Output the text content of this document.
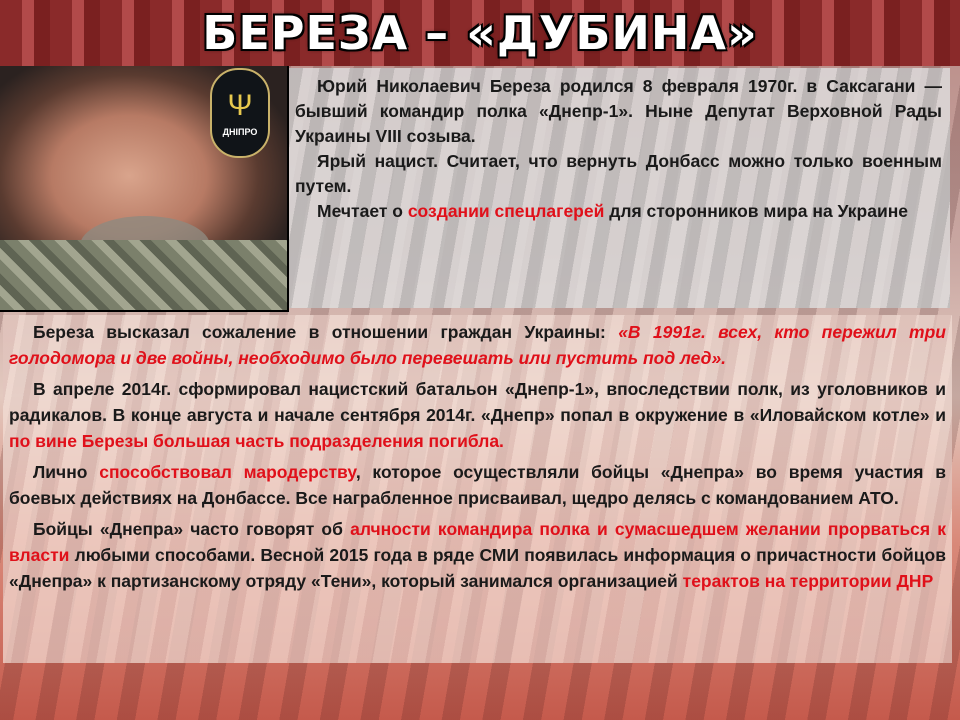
БЕРЕЗА – «ДУБИНА»
Ψ
ДНІПРО

Юрий Николаевич Береза родился 8 февраля 1970г. в Саксагани — бывший командир полка «Днепр-1». Ныне Депутат Верховной Рады Украины VIII созыва.

Ярый нацист. Считает, что вернуть Донбасс можно только военным путем.

Мечтает о создании спецлагерей для сторонников мира на Украине

Береза высказал сожаление в отношении граждан Украины: «В 1991г. всех, кто пережил три голодомора и две войны, необходимо было перевешать или пустить под лед».

В апреле 2014г. сформировал нацистский батальон «Днепр-1», впоследствии полк, из уголовников и радикалов. В конце августа и начале сентября 2014г. «Днепр» попал в окружение в «Иловайском котле» и по вине Березы большая часть подразделения погибла.

Лично способствовал мародерству, которое осуществляли бойцы «Днепра» во время участия в боевых действиях на Донбассе. Все награбленное присваивал, щедро делясь с командованием АТО.

Бойцы «Днепра» часто говорят об алчности командира полка и сумасшедшем желании прорваться к власти любыми способами. Весной 2015 года в ряде СМИ появилась информация о причастности бойцов «Днепра» к партизанскому отряду «Тени», который занимался организацией терактов на территории ДНР
